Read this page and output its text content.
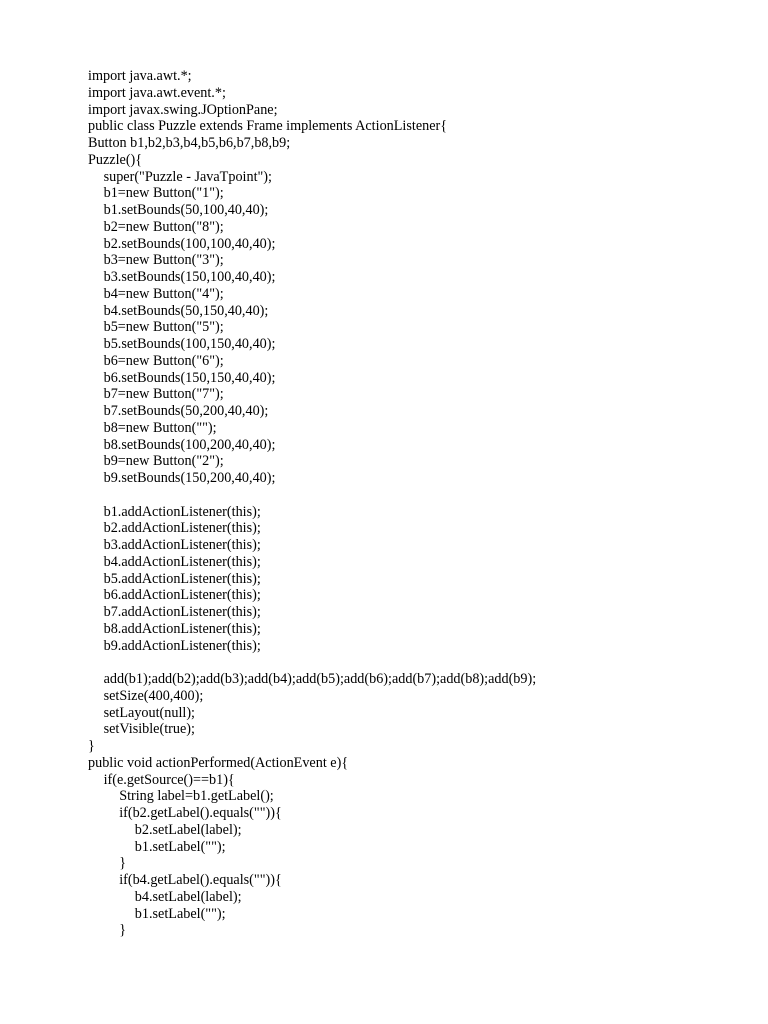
import java.awt.*;
import java.awt.event.*;
import javax.swing.JOptionPane;
public class Puzzle extends Frame implements ActionListener{
Button b1,b2,b3,b4,b5,b6,b7,b8,b9;
Puzzle(){
super("Puzzle - JavaTpoint");
b1=new Button("1");
b1.setBounds(50,100,40,40);
b2=new Button("8");
b2.setBounds(100,100,40,40);
b3=new Button("3");
b3.setBounds(150,100,40,40);
b4=new Button("4");
b4.setBounds(50,150,40,40);
b5=new Button("5");
b5.setBounds(100,150,40,40);
b6=new Button("6");
b6.setBounds(150,150,40,40);
b7=new Button("7");
b7.setBounds(50,200,40,40);
b8=new Button("");
b8.setBounds(100,200,40,40);
b9=new Button("2");
b9.setBounds(150,200,40,40);
b1.addActionListener(this);
b2.addActionListener(this);
b3.addActionListener(this);
b4.addActionListener(this);
b5.addActionListener(this);
b6.addActionListener(this);
b7.addActionListener(this);
b8.addActionListener(this);
b9.addActionListener(this);
add(b1);add(b2);add(b3);add(b4);add(b5);add(b6);add(b7);add(b8);add(b9);
setSize(400,400);
setLayout(null);
setVisible(true);
}
public void actionPerformed(ActionEvent e){
if(e.getSource()==b1){
String label=b1.getLabel();
if(b2.getLabel().equals("")){
b2.setLabel(label);
b1.setLabel("");
}
if(b4.getLabel().equals("")){
b4.setLabel(label);
b1.setLabel("");
}
